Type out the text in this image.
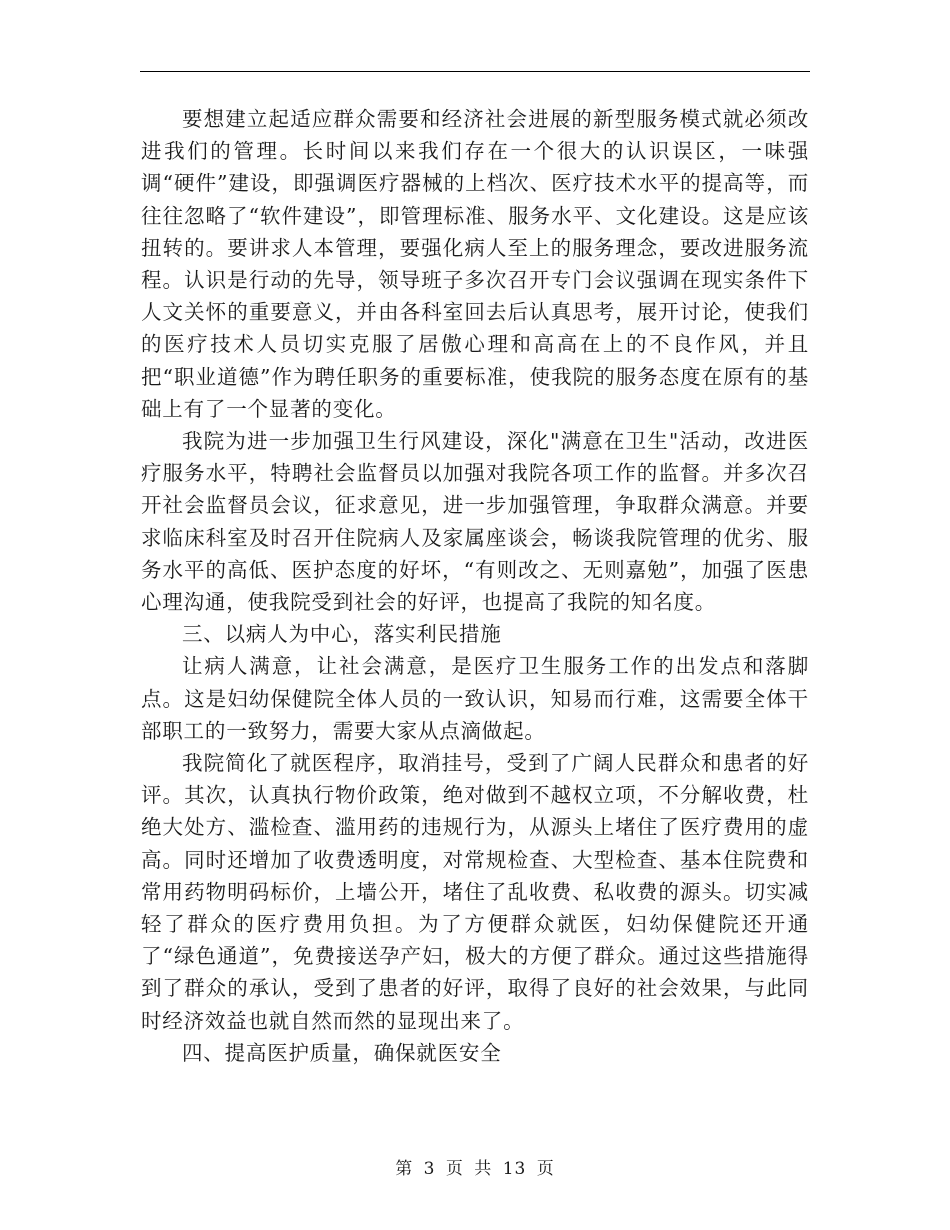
要想建立起适应群众需要和经济社会进展的新型服务模式就必须改进我们的管理。长时间以来我们存在一个很大的认识误区，一味强调“硬件”建设，即强调医疗器械的上档次、医疗技术水平的提高等，而往往忽略了“软件建设”，即管理标准、服务水平、文化建设。这是应该扭转的。要讲求人本管理，要强化病人至上的服务理念，要改进服务流程。认识是行动的先导，领导班子多次召开专门会议强调在现实条件下人文关怀的重要意义，并由各科室回去后认真思考，展开讨论，使我们的医疗技术人员切实克服了居傲心理和高高在上的不良作风，并且把“职业道德”作为聘任职务的重要标准，使我院的服务态度在原有的基础上有了一个显著的变化。

我院为进一步加强卫生行风建设，深化"满意在卫生"活动，改进医疗服务水平，特聘社会监督员以加强对我院各项工作的监督。并多次召开社会监督员会议，征求意见，进一步加强管理，争取群众满意。并要求临床科室及时召开住院病人及家属座谈会，畅谈我院管理的优劣、服务水平的高低、医护态度的好坏，“有则改之、无则嘉勉”，加强了医患心理沟通，使我院受到社会的好评，也提高了我院的知名度。

三、以病人为中心，落实利民措施

让病人满意，让社会满意，是医疗卫生服务工作的出发点和落脚点。这是妇幼保健院全体人员的一致认识，知易而行难，这需要全体干部职工的一致努力，需要大家从点滴做起。

我院简化了就医程序，取消挂号，受到了广阔人民群众和患者的好评。其次，认真执行物价政策，绝对做到不越权立项，不分解收费，杜绝大处方、滥检查、滥用药的违规行为，从源头上堵住了医疗费用的虚高。同时还增加了收费透明度，对常规检查、大型检查、基本住院费和常用药物明码标价，上墙公开，堵住了乱收费、私收费的源头。切实减轻了群众的医疗费用负担。为了方便群众就医，妇幼保健院还开通了“绿色通道”，免费接送孕产妇，极大的方便了群众。通过这些措施得到了群众的承认，受到了患者的好评，取得了良好的社会效果，与此同时经济效益也就自然而然的显现出来了。

四、提高医护质量，确保就医安全

第 3 页 共 13 页
